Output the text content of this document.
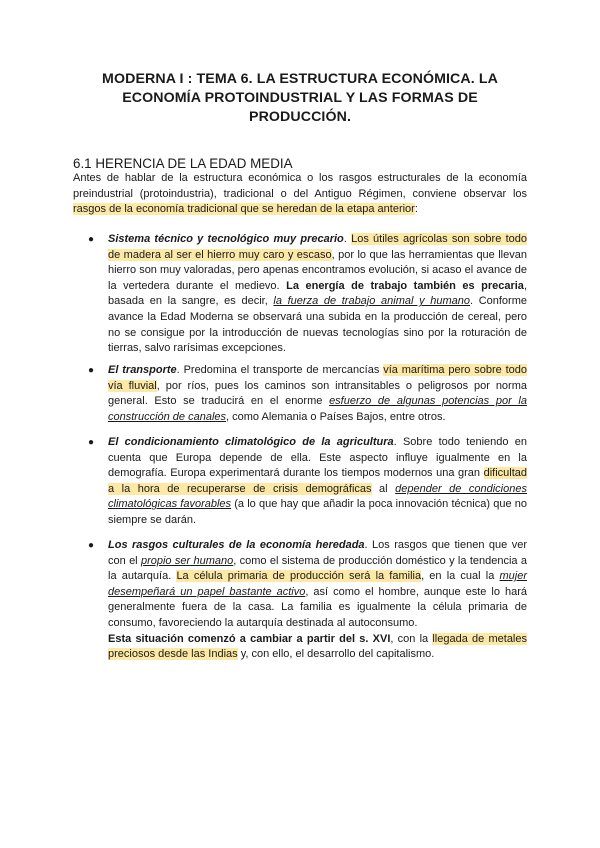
MODERNA I : TEMA 6. LA ESTRUCTURA ECONÓMICA. LA
ECONOMÍA PROTOINDUSTRIAL Y LAS FORMAS DE
PRODUCCIÓN.
6.1 HERENCIA DE LA EDAD MEDIA
Antes de hablar de la estructura económica o los rasgos estructurales de la economía preindustrial (protoindustria), tradicional o del Antiguo Régimen, conviene observar los rasgos de la economía tradicional que se heredan de la etapa anterior:
● Sistema técnico y tecnológico muy precario. Los útiles agrícolas son sobre todo de madera al ser el hierro muy caro y escaso, por lo que las herramientas que llevan hierro son muy valoradas, pero apenas encontramos evolución, si acaso el avance de la vertedera durante el medievo. La energía de trabajo también es precaria, basada en la sangre, es decir, la fuerza de trabajo animal y humano. Conforme avance la Edad Moderna se observará una subida en la producción de cereal, pero no se consigue por la introducción de nuevas tecnologías sino por la roturación de tierras, salvo rarísimas excepciones.
● El transporte. Predomina el transporte de mercancías vía marítima pero sobre todo vía fluvial, por ríos, pues los caminos son intransitables o peligrosos por norma general. Esto se traducirá en el enorme esfuerzo de algunas potencias por la construcción de canales, como Alemania o Países Bajos, entre otros.
● El condicionamiento climatológico de la agricultura. Sobre todo teniendo en cuenta que Europa depende de ella. Este aspecto influye igualmente en la demografía. Europa experimentará durante los tiempos modernos una gran dificultad a la hora de recuperarse de crisis demográficas al depender de condiciones climatológicas favorables (a lo que hay que añadir la poca innovación técnica) que no siempre se darán.
● Los rasgos culturales de la economía heredada. Los rasgos que tienen que ver con el propio ser humano, como el sistema de producción doméstico y la tendencia a la autarquía. La célula primaria de producción será la familia, en la cual la mujer desempeñará un papel bastante activo, así como el hombre, aunque este lo hará generalmente fuera de la casa. La familia es igualmente la célula primaria de consumo, favoreciendo la autarquía destinada al autoconsumo.
Esta situación comenzó a cambiar a partir del s. XVI, con la llegada de metales preciosos desde las Indias y, con ello, el desarrollo del capitalismo.
